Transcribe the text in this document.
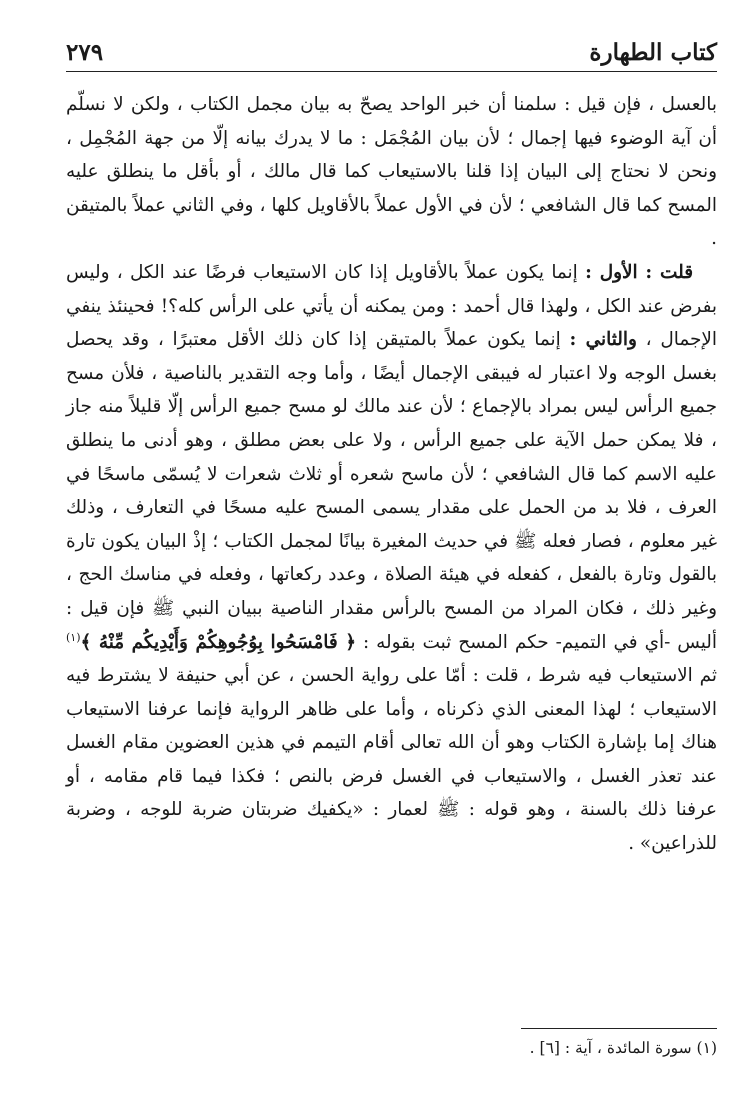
٢٧٩	كتاب الطهارة

بالعسل ، فإن قيل : سلمنا أن خبر الواحد يصحّ به بيان مجمل الكتاب ، ولكن لا نسلّم أن آية الوضوء فيها إجمال ؛ لأن بيان المُجْمَل : ما لا يدرك بيانه إلّا من جهة المُجْمِل ، ونحن لا نحتاج إلى البيان إذا قلنا بالاستيعاب كما قال مالك ، أو بأقل ما ينطلق عليه المسح كما قال الشافعي ؛ لأن في الأول عملاً بالأقاويل كلها ، وفي الثاني عملاً بالمتيقن .

قلت : الأول : إنما يكون عملاً بالأقاويل إذا كان الاستيعاب فرضًا عند الكل ، وليس بفرض عند الكل ، ولهذا قال أحمد : ومن يمكنه أن يأتي على الرأس كله؟! فحينئذ ينفي الإجمال ، والثاني : إنما يكون عملاً بالمتيقن إذا كان ذلك الأقل معتبرًا ، وقد يحصل بغسل الوجه ولا اعتبار له فيبقى الإجمال أيضًا ، وأما وجه التقدير بالناصية ، فلأن مسح جميع الرأس ليس بمراد بالإجماع ؛ لأن عند مالك لو مسح جميع الرأس إلّا قليلاً منه جاز ، فلا يمكن حمل الآية على جميع الرأس ، ولا على بعض مطلق ، وهو أدنى ما ينطلق عليه الاسم كما قال الشافعي ؛ لأن ماسح شعره أو ثلاث شعرات لا يُسمّى ماسحًا في العرف ، فلا بد من الحمل على مقدار يسمى المسح عليه مسحًا في التعارف ، وذلك غير معلوم ، فصار فعله ﷺ في حديث المغيرة بيانًا لمجمل الكتاب ؛ إذْ البيان يكون تارة بالقول وتارة بالفعل ، كفعله في هيئة الصلاة ، وعدد ركعاتها ، وفعله في مناسك الحج ، وغير ذلك ، فكان المراد من المسح بالرأس مقدار الناصية ببيان النبي ﷺ فإن قيل : أليس -أي في التميم- حكم المسح ثبت بقوله : ﴿ فَامْسَحُوا بِوُجُوهِكُمْ وَأَيْدِيكُم مِّنْهُ ﴾$^{(١)}$ ثم الاستيعاب فيه شرط ، قلت : أمّا على رواية الحسن ، عن أبي حنيفة لا يشترط فيه الاستيعاب ؛ لهذا المعنى الذي ذكرناه ، وأما على ظاهر الرواية فإنما عرفنا الاستيعاب هناك إما بإشارة الكتاب وهو أن الله تعالى أقام التيمم في هذين العضوين مقام الغسل عند تعذر الغسل ، والاستيعاب في الغسل فرض بالنص ؛ فكذا فيما قام مقامه ، أو عرفنا ذلك بالسنة ، وهو قوله : ﷺ لعمار : «يكفيك ضربتان ضربة للوجه ، وضربة للذراعين» .

(١) سورة المائدة ، آية : [٦] .
